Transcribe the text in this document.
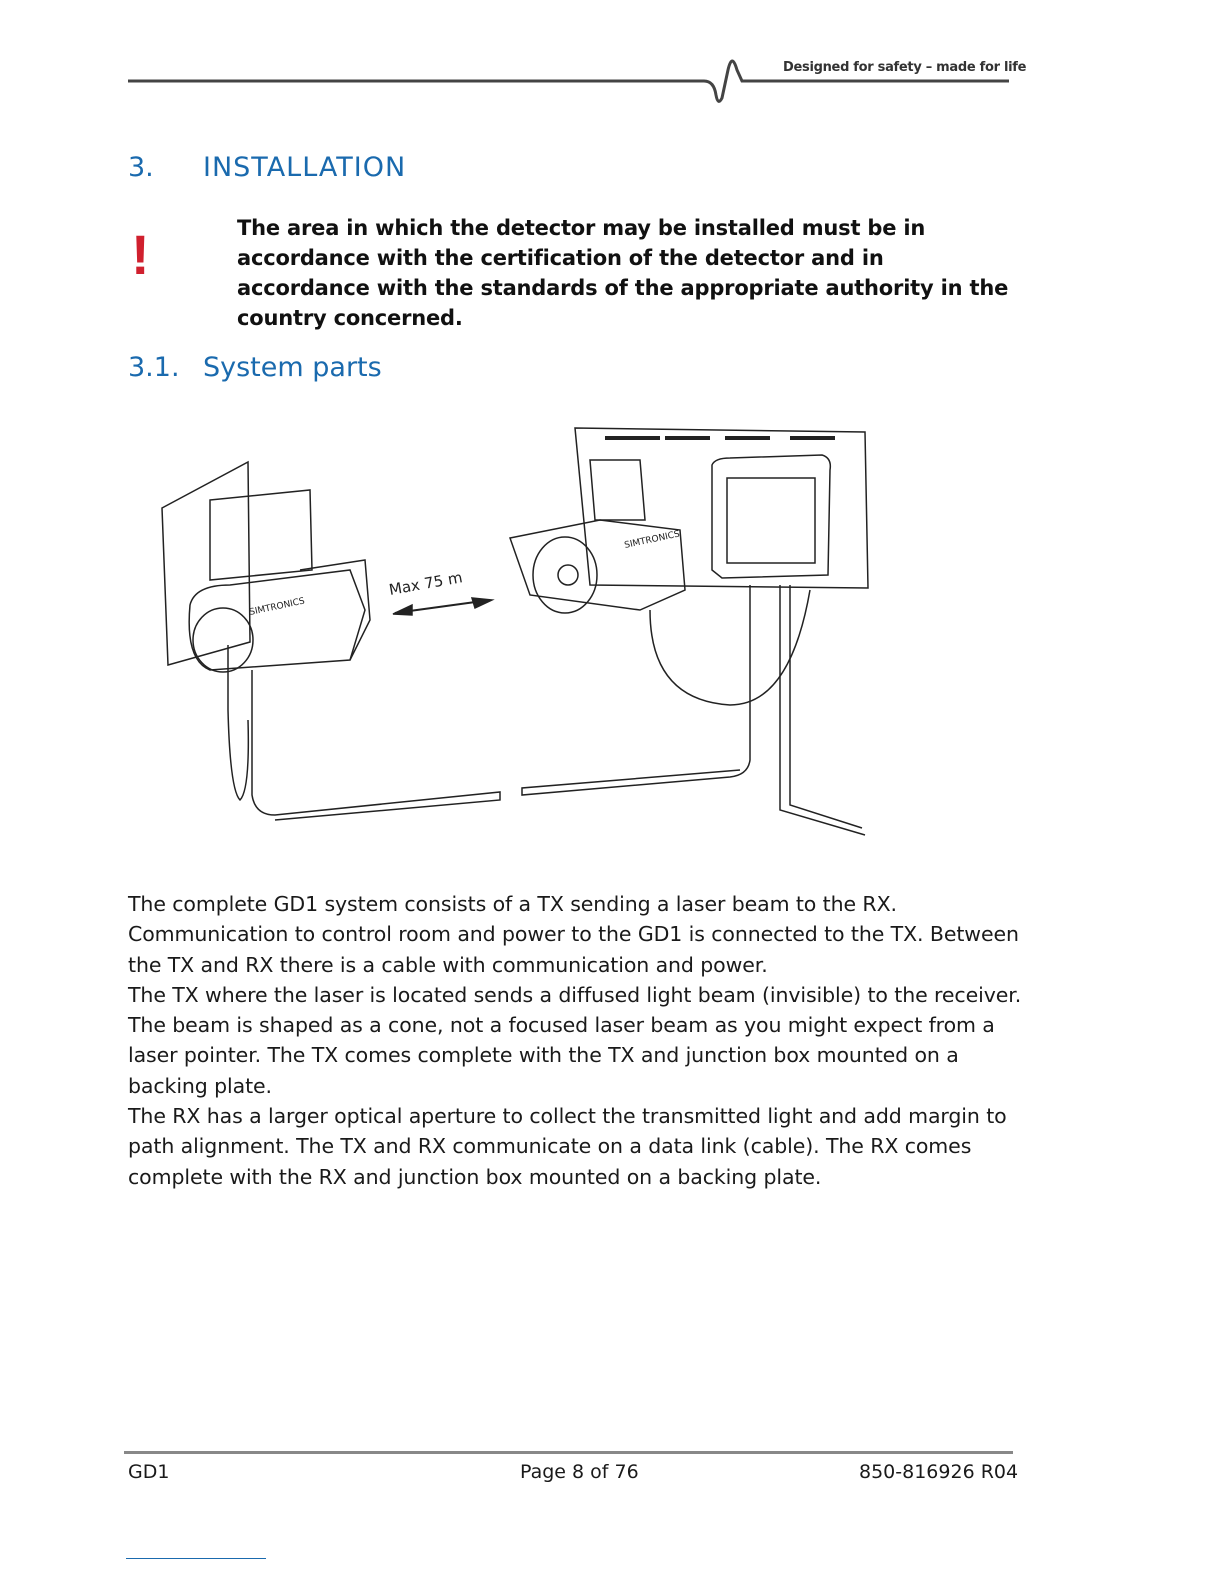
Designed for safety – made for life
3. INSTALLATION
!	The area in which the detector may be installed must be in accordance with the certification of the detector and in accordance with the standards of the appropriate authority in the country concerned.
3.1. System parts
SIMTRONICS
Max 75 m
SIMTRONICS

The complete GD1 system consists of a TX sending a laser beam to the RX. Communication to control room and power to the GD1 is connected to the TX. Between the TX and RX there is a cable with communication and power.

The TX where the laser is located sends a diffused light beam (invisible) to the receiver. The beam is shaped as a cone, not a focused laser beam as you might expect from a laser pointer. The TX comes complete with the TX and junction box mounted on a backing plate.

The RX has a larger optical aperture to collect the transmitted light and add margin to path alignment. The TX and RX communicate on a data link (cable). The RX comes complete with the RX and junction box mounted on a backing plate.

GD1	Page 8 of 76	850-816926 R04
